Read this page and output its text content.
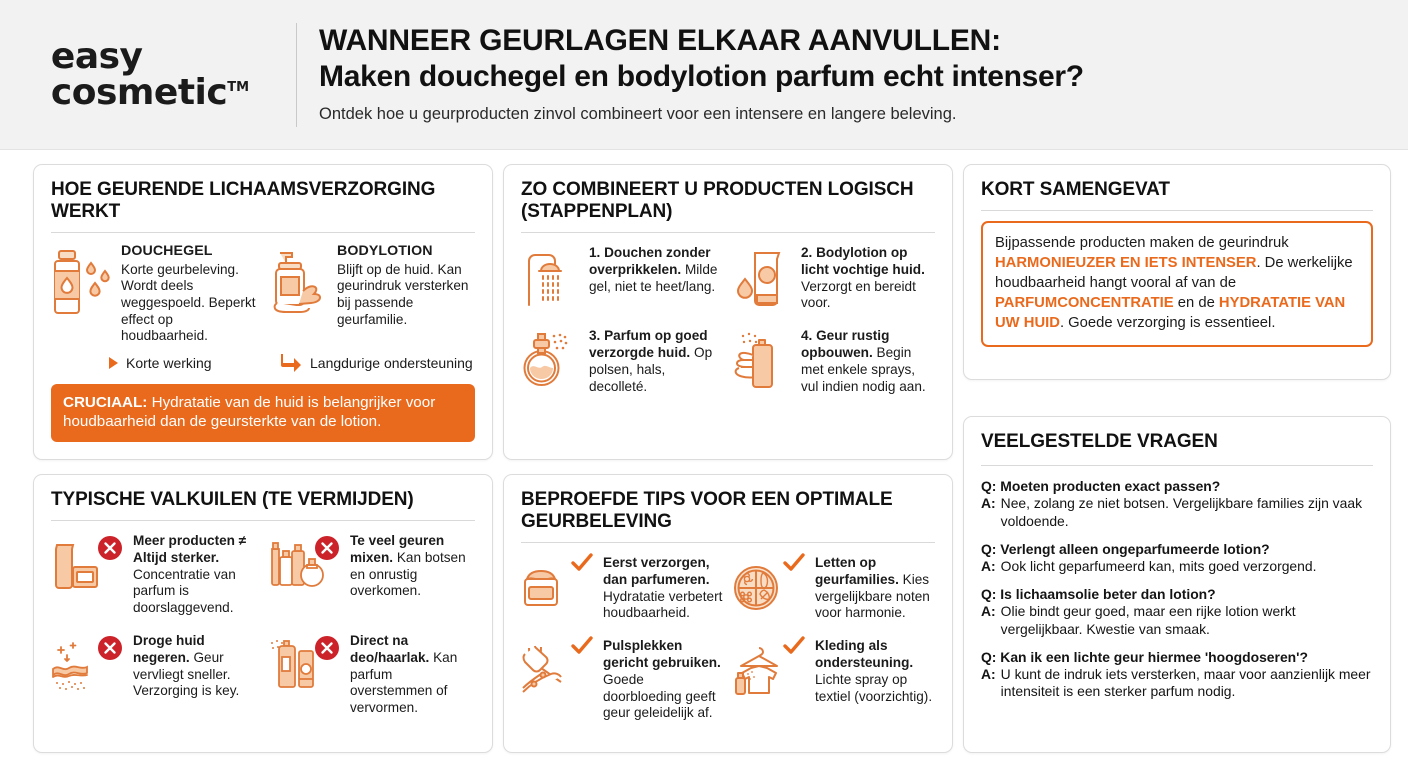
easy
cosmetic™
WANNEER GEURLAGEN ELKAAR AANVULLEN:
Maken douchegel en bodylotion parfum echt intenser?
Ontdek hoe u geurproducten zinvol combineert voor een intensere en langere beleving.
HOE GEURENDE LICHAAMSVERZORGING WERKT
DOUCHEGEL
Korte geurbeleving. Wordt deels weggespoeld. Beperkt effect op houdbaarheid.
BODYLOTION
Blijft op de huid. Kan geurindruk versterken bij passende geurfamilie.
Korte werking	Langdurige ondersteuning
CRUCIAAL: Hydratatie van de huid is belangrijker voor houdbaarheid dan de geursterkte van de lotion.
ZO COMBINEERT U PRODUCTEN LOGISCH
(STAPPENPLAN)
1. Douchen zonder overprikkelen. Milde gel, niet te heet/lang.
2. Bodylotion op licht vochtige huid. Verzorgt en bereidt voor.
3. Parfum op goed verzorgde huid. Op polsen, hals, decolleté.
4. Geur rustig opbouwen. Begin met enkele sprays, vul indien nodig aan.
KORT SAMENGEVAT
Bijpassende producten maken de geurindruk HARMONIEUZER EN IETS INTENSER. De werkelijke houdbaarheid hangt vooral af van de PARFUMCONCENTRATIE en de HYDRATATIE VAN UW HUID. Goede verzorging is essentieel.
TYPISCHE VALKUILEN (TE VERMIJDEN)
Meer producten ≠ Altijd sterker. Concentratie van parfum is doorslaggevend.
Te veel geuren mixen. Kan botsen en onrustig overkomen.
Droge huid negeren. Geur vervliegt sneller. Verzorging is key.
Direct na deo/haarlak. Kan parfum overstemmen of vervormen.
BEPROEFDE TIPS VOOR EEN OPTIMALE
GEURBELEVING
Eerst verzorgen, dan parfumeren. Hydratatie verbetert houdbaarheid.
Letten op geurfamilies. Kies vergelijkbare noten voor harmonie.
Pulsplekken gericht gebruiken. Goede doorbloeding geeft geur geleidelijk af.
Kleding als ondersteuning. Lichte spray op textiel (voorzichtig).
VEELGESTELDE VRAGEN
Q: Moeten producten exact passen?
A: Nee, zolang ze niet botsen. Vergelijkbare families zijn vaak voldoende.
Q: Verlengt alleen ongeparfumeerde lotion?
A: Ook licht geparfumeerd kan, mits goed verzorgend.
Q: Is lichaamsolie beter dan lotion?
A: Olie bindt geur goed, maar een rijke lotion werkt vergelijkbaar. Kwestie van smaak.
Q: Kan ik een lichte geur hiermee 'hoogdoseren'?
A: U kunt de indruk iets versterken, maar voor aanzienlijk meer intensiteit is een sterker parfum nodig.
